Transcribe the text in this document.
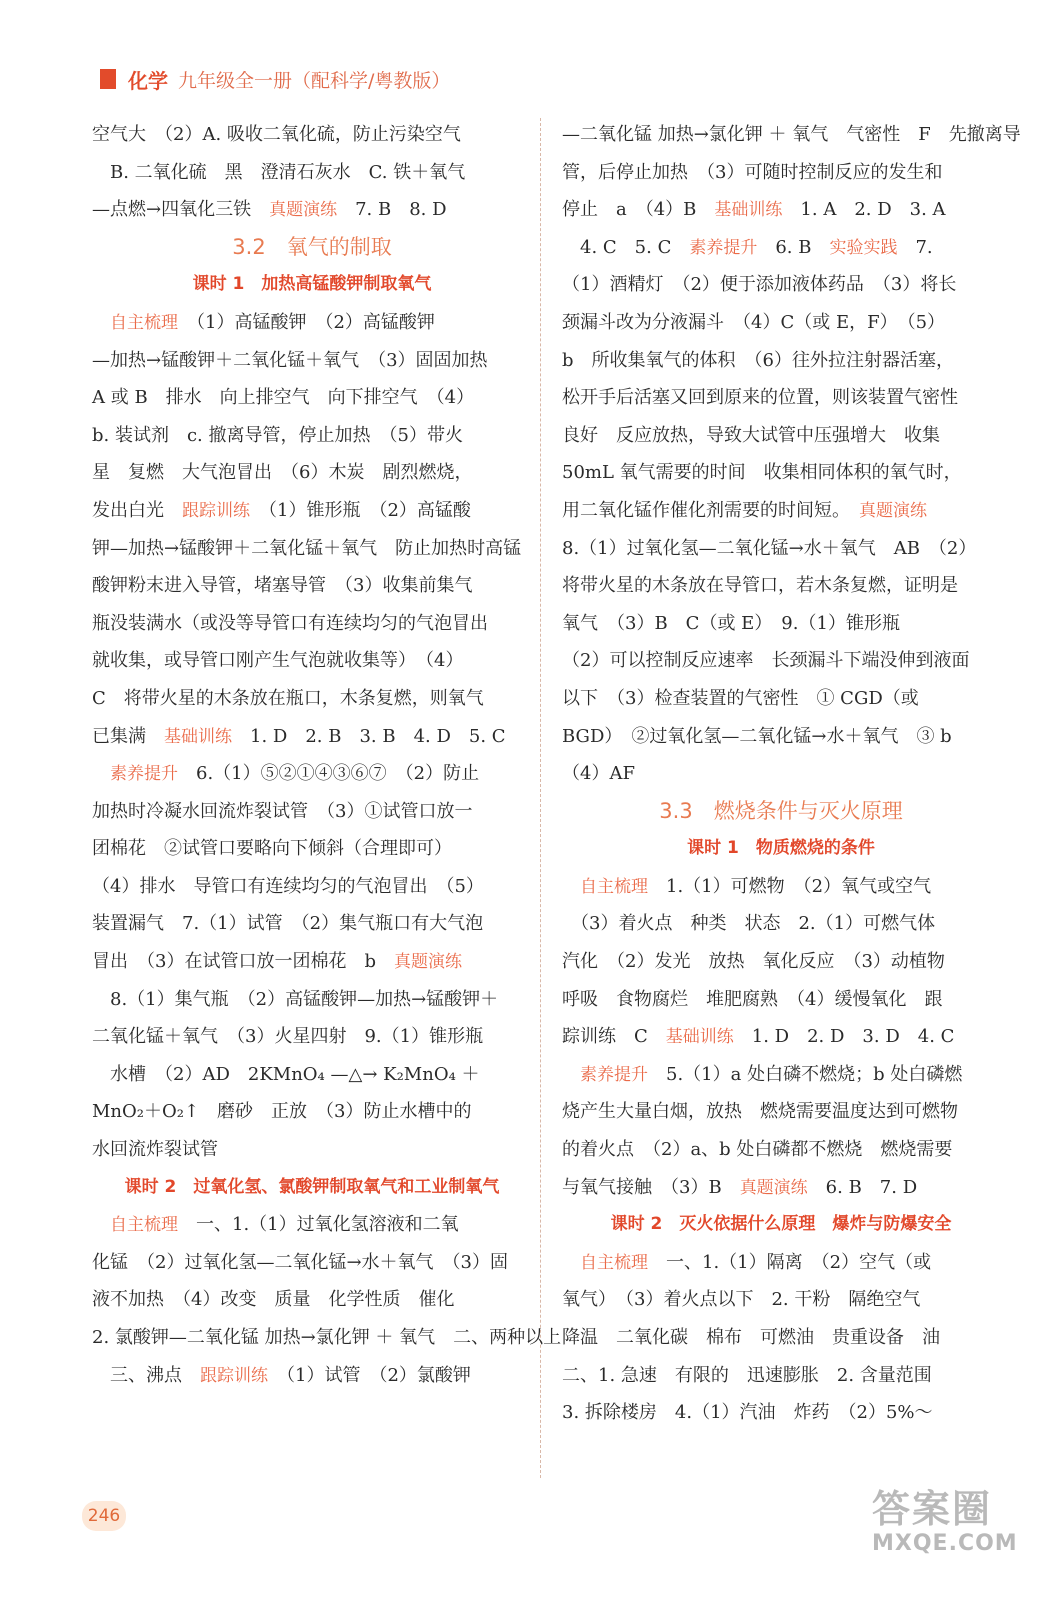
化学 九年级全一册（配科学/粤教版）
空气大　（2）A. 吸收二氧化硫，防止污染空气
　B. 二氧化硫　黑　澄清石灰水　C. 铁＋氧气
—点燃→四氧化三铁　真题演练　7. B　8. D
3.2　氧气的制取
课时 1　加热高锰酸钾制取氧气
　自主梳理　（1）高锰酸钾　（2）高锰酸钾
—加热→锰酸钾＋二氧化锰＋氧气　（3）固固加热
A 或 B　排水　向上排空气　向下排空气　（4）
b. 装试剂　c. 撤离导管，停止加热　（5）带火
星　复燃　大气泡冒出　（6）木炭　剧烈燃烧，
发出白光　跟踪训练　（1）锥形瓶　（2）高锰酸
钾—加热→锰酸钾＋二氧化锰＋氧气　防止加热时高锰
酸钾粉末进入导管，堵塞导管　（3）收集前集气
瓶没装满水（或没等导管口有连续均匀的气泡冒出
就收集，或导管口刚产生气泡就收集等）　（4）
C　将带火星的木条放在瓶口，木条复燃，则氧气
已集满　基础训练　1. D　2. B　3. B　4. D　5. C
　素养提升　6.（1）⑤②①④③⑥⑦　（2）防止
加热时冷凝水回流炸裂试管　（3）①试管口放一
团棉花　②试管口要略向下倾斜（合理即可）
（4）排水　导管口有连续均匀的气泡冒出　（5）
装置漏气　7.（1）试管　（2）集气瓶口有大气泡
冒出　（3）在试管口放一团棉花　b　真题演练
　8.（1）集气瓶　（2）高锰酸钾—加热→锰酸钾＋
二氧化锰＋氧气　（3）火星四射　9.（1）锥形瓶
　水槽　（2）AD　2KMnO₄ —△→ K₂MnO₄ ＋
MnO₂＋O₂↑　磨砂　正放　（3）防止水槽中的
水回流炸裂试管
课时 2　过氧化氢、氯酸钾制取氧气和工业制氧气
　自主梳理　一、1.（1）过氧化氢溶液和二氧
化锰　（2）过氧化氢—二氧化锰→水＋氧气　（3）固
液不加热　（4）改变　质量　化学性质　催化
2. 氯酸钾—二氧化锰 加热→氯化钾 ＋ 氧气　二、两种以上
　三、沸点　跟踪训练　（1）试管　（2）氯酸钾
—二氧化锰 加热→氯化钾 ＋ 氧气　气密性　F　先撤离导
管，后停止加热　（3）可随时控制反应的发生和
停止　a　（4）B　基础训练　1. A　2. D　3. A
　4. C　5. C　素养提升　6. B　实验实践　7.
（1）酒精灯　（2）便于添加液体药品　（3）将长
颈漏斗改为分液漏斗　（4）C（或 E，F）　（5）
b　所收集氧气的体积　（6）往外拉注射器活塞，
松开手后活塞又回到原来的位置，则该装置气密性
良好　反应放热，导致大试管中压强增大　收集
50mL 氧气需要的时间　收集相同体积的氧气时，
用二氧化锰作催化剂需要的时间短。　真题演练
8.（1）过氧化氢—二氧化锰→水＋氧气　AB　（2）
将带火星的木条放在导管口，若木条复燃，证明是
氧气　（3）B　C（或 E）　9.（1）锥形瓶
（2）可以控制反应速率　长颈漏斗下端没伸到液面
以下　（3）检查装置的气密性　① CGD（或
BGD）　②过氧化氢—二氧化锰→水＋氧气　③ b
（4）AF
3.3　燃烧条件与灭火原理
课时 1　物质燃烧的条件
　自主梳理　1.（1）可燃物　（2）氧气或空气
　（3）着火点　种类　状态　2.（1）可燃气体
汽化　（2）发光　放热　氧化反应　（3）动植物
呼吸　食物腐烂　堆肥腐熟　（4）缓慢氧化　跟
踪训练　C　基础训练　1. D　2. D　3. D　4. C
　素养提升　5.（1）a 处白磷不燃烧；b 处白磷燃
烧产生大量白烟，放热　燃烧需要温度达到可燃物
的着火点　（2）a、b 处白磷都不燃烧　燃烧需要
与氧气接触　（3）B　真题演练　6. B　7. D
课时 2　灭火依据什么原理　爆炸与防爆安全
　自主梳理　一、1.（1）隔离　（2）空气（或
氧气）　（3）着火点以下　2. 干粉　隔绝空气
降温　二氧化碳　棉布　可燃油　贵重设备　油
二、1. 急速　有限的　迅速膨胀　2. 含量范围
3. 拆除楼房　4.（1）汽油　炸药　（2）5%～
246	答案圈
MXQE.COM
